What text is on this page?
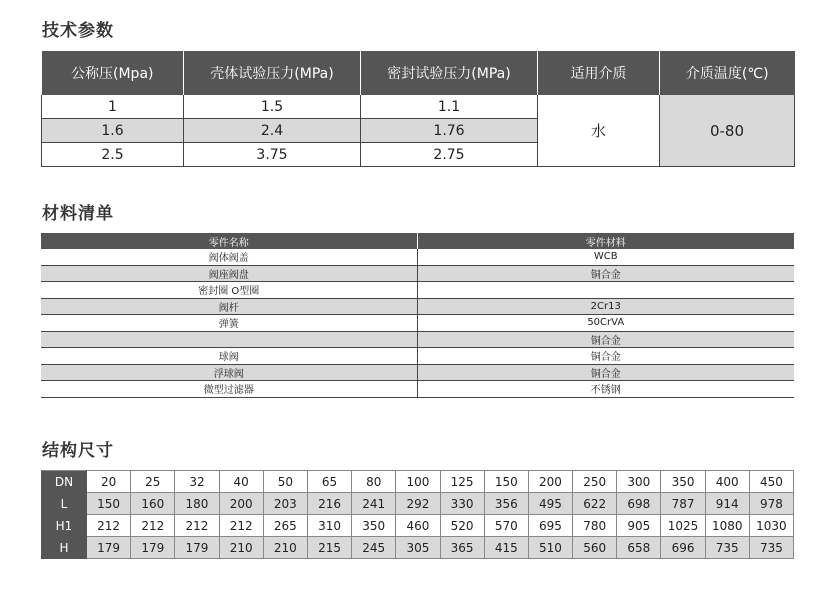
技术参数
公称压(Mpa)	壳体试验压力(MPa)	密封试验压力(MPa)	适用介质	介质温度(℃)
1	1.5	1.1	水	0-80
1.6	2.4	1.76		
2.5	3.75	2.75		
材料清单
零件名称	零件材料
阀体阀盖	WCB
阀座阀盘	铜合金
密封圈 O型圈	
阀杆	2Cr13
弹簧	50CrVA
	铜合金
球阀	铜合金
浮球阀	铜合金
微型过滤器	不锈钢
结构尺寸
DN	20	25	32	40	50	65	80	100	125	150	200	250	300	350	400	450
L	150	160	180	200	203	216	241	292	330	356	495	622	698	787	914	978
H1	212	212	212	212	265	310	350	460	520	570	695	780	905	1025	1080	1030
H	179	179	179	210	210	215	245	305	365	415	510	560	658	696	735	735
